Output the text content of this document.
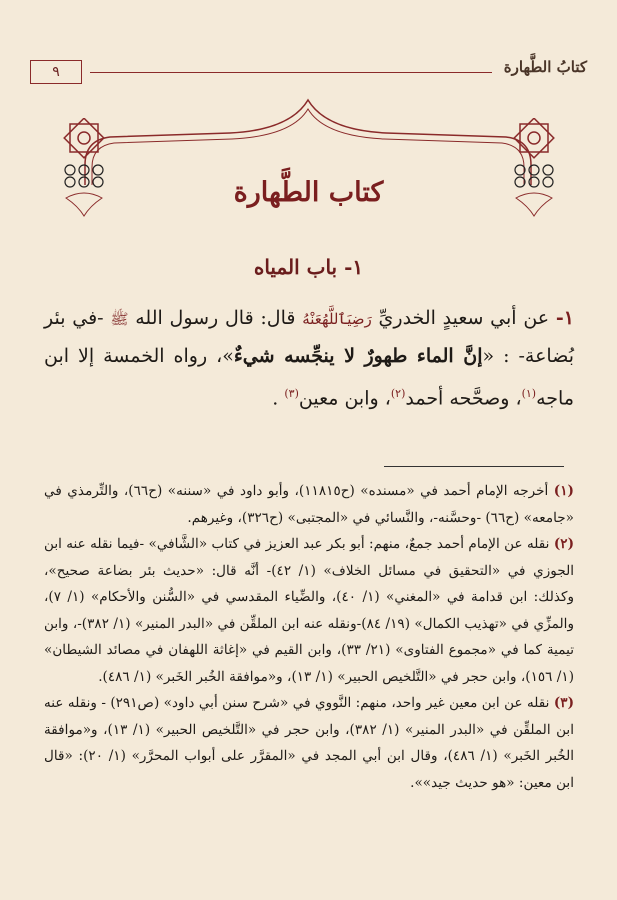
كتابُ الطَّهارة
٩
كتاب الطَّهارة
١- باب المياه

١- عن أبي سعيدٍ الخدريِّ رَضِيَٱللَّهُعَنْهُ قال: قال رسول الله ﷺ -في بئر بُضاعة- : «إنَّ الماء طهورٌ لا ينجِّسه شيءٌ»، رواه الخمسة إلا ابن ماجه$^{(١)}$، وصحَّحه أحمد$^{(٢)}$، وابن معين$^{(٣)}$ .

(١) أخرجه الإمام أحمد في «مسنده» (ح١١٨١٥)، وأبو داود في «سننه» (ح٦٦)، والتِّرمذي في «جامعه» (ح٦٦) -وحسَّنه-، والنَّسائي في «المجتبى» (ح٣٢٦)، وغيرهم.

(٢) نقله عن الإمام أحمد جمعٌ، منهم: أبو بكر عبد العزيز في كتاب «الشَّافي» -فيما نقله عنه ابن الجوزي في «التحقيق في مسائل الخلاف» (١/ ٤٢)- أنَّه قال: «حديث بئر بضاعة صحيح»، وكذلك: ابن قدامة في «المغني» (١/ ٤٠)، والضِّياء المقدسي في «السُّنن والأحكام» (١/ ٧)، والمزِّي في «تهذيب الكمال» (١٩/ ٨٤)-ونقله عنه ابن الملقِّن في «البدر المنير» (١/ ٣٨٢)-، وابن تيمية كما في «مجموع الفتاوى» (٢١/ ٣٣)، وابن القيم في «إغاثة اللهفان في مصائد الشيطان» (١/ ١٥٦)، وابن حجر في «التَّلخيص الحبير» (١/ ١٣)، و«موافقة الخُبر الخَبر» (١/ ٤٨٦).

(٣) نقله عن ابن معين غير واحد، منهم: النَّووي في «شرح سنن أبي داود» (ص٢٩١) - ونقله عنه ابن الملقِّن في «البدر المنير» (١/ ٣٨٢)، وابن حجر في «التَّلخيص الحبير» (١/ ١٣)، و«موافقة الخُبر الخَبر» (١/ ٤٨٦)، وقال ابن أبي المجد في «المقرَّر على أبواب المحرَّر» (١/ ٢٠): «قال ابن معين: «هو حديث جيد»».
